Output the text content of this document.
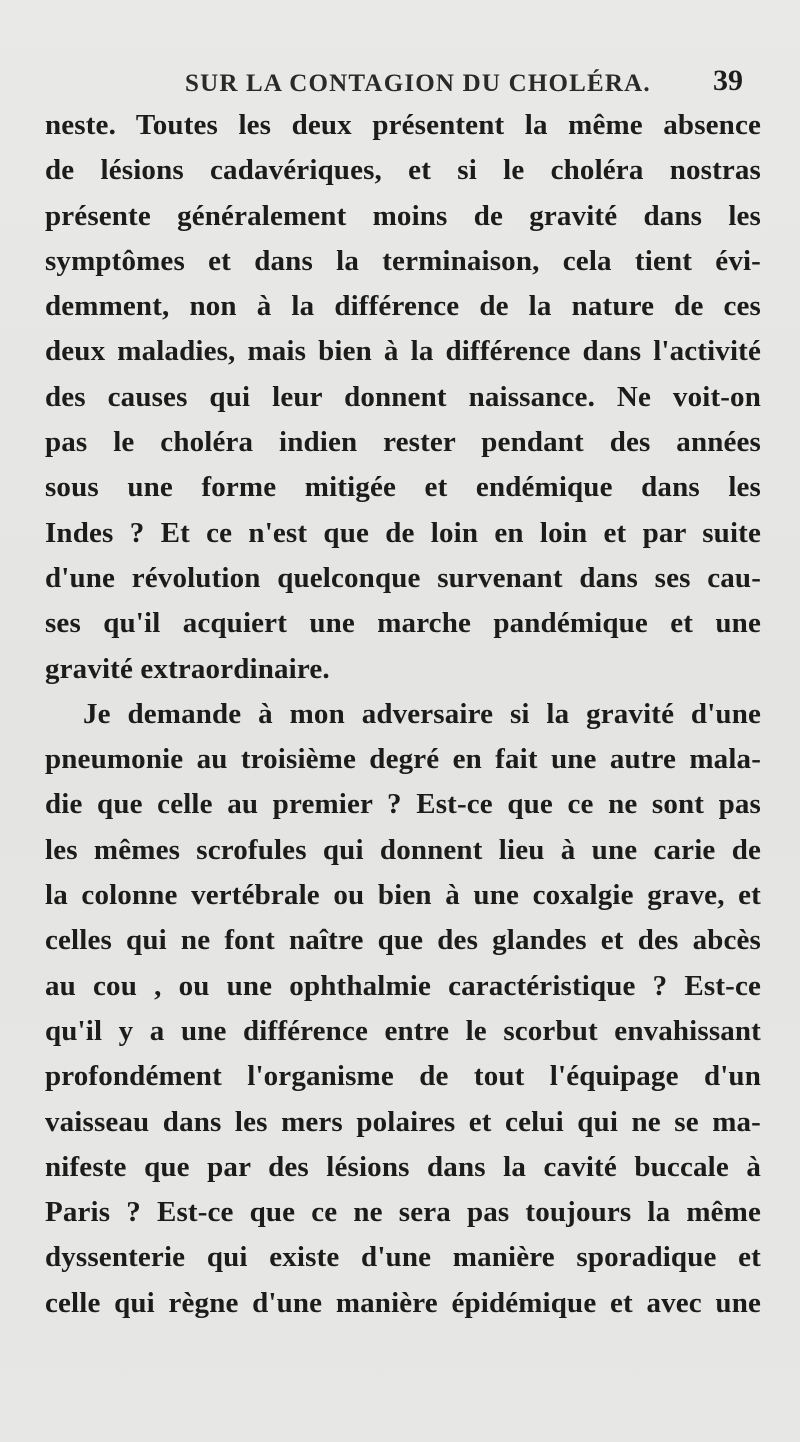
SUR LA CONTAGION DU CHOLÉRA. 39
neste. Toutes les deux présentent la même absence
de lésions cadavériques, et si le choléra nostras
présente généralement moins de gravité dans les
symptômes et dans la terminaison, cela tient évi-
demment, non à la différence de la nature de ces
deux maladies, mais bien à la différence dans l'activité
des causes qui leur donnent naissance. Ne voit-on
pas le choléra indien rester pendant des années
sous une forme mitigée et endémique dans les
Indes ? Et ce n'est que de loin en loin et par suite
d'une révolution quelconque survenant dans ses cau-
ses qu'il acquiert une marche pandémique et une
gravité extraordinaire.
Je demande à mon adversaire si la gravité d'une
pneumonie au troisième degré en fait une autre mala-
die que celle au premier ? Est-ce que ce ne sont pas
les mêmes scrofules qui donnent lieu à une carie de
la colonne vertébrale ou bien à une coxalgie grave, et
celles qui ne font naître que des glandes et des abcès
au cou , ou une ophthalmie caractéristique ? Est-ce
qu'il y a une différence entre le scorbut envahissant
profondément l'organisme de tout l'équipage d'un
vaisseau dans les mers polaires et celui qui ne se ma-
nifeste que par des lésions dans la cavité buccale à
Paris ? Est-ce que ce ne sera pas toujours la même
dyssenterie qui existe d'une manière sporadique et
celle qui règne d'une manière épidémique et avec une
